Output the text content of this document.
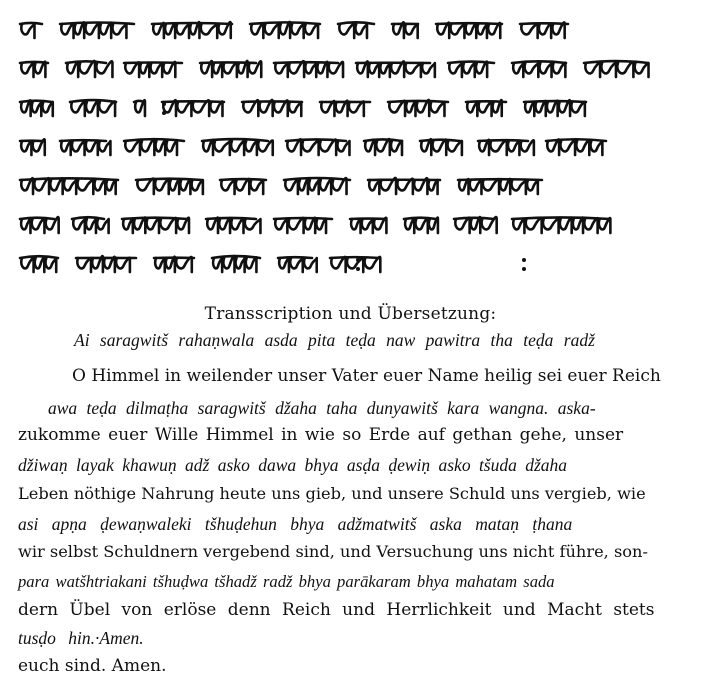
Transscription und Übersetzung:
Ai saragwitš rahaṇwala asda pita teḍa naw pawitra tha teḍa radž
O Himmel in weilender unser Vater euer Name heilig sei euer Reich
awa teḍa dilmaṭha saragwitš džaha taha dunyawitš kara wangna. aska-
zukomme euer Wille Himmel in wie so Erde auf gethan gehe, unser
džiwaṇ layak khawuṇ adž asko dawa bhya asḍa ḍewiṇ asko tšuda džaha
Leben nöthige Nahrung heute uns gieb, und unsere Schuld uns vergieb, wie
asi apṇa ḍewaṇwaleki tšhuḍehun bhya adžmatwitš aska mataṇ ṭhana
wir selbst Schuldnern vergebend sind, und Versuchung uns nicht führe, son-
para watšhtriakani tšhuḍwa tšhadž radž bhya parākaram bhya mahatam sada
dern Übel von erlöse denn Reich und Herrlichkeit und Macht stets
tusḍo hin.·Amen.
euch sind. Amen.
